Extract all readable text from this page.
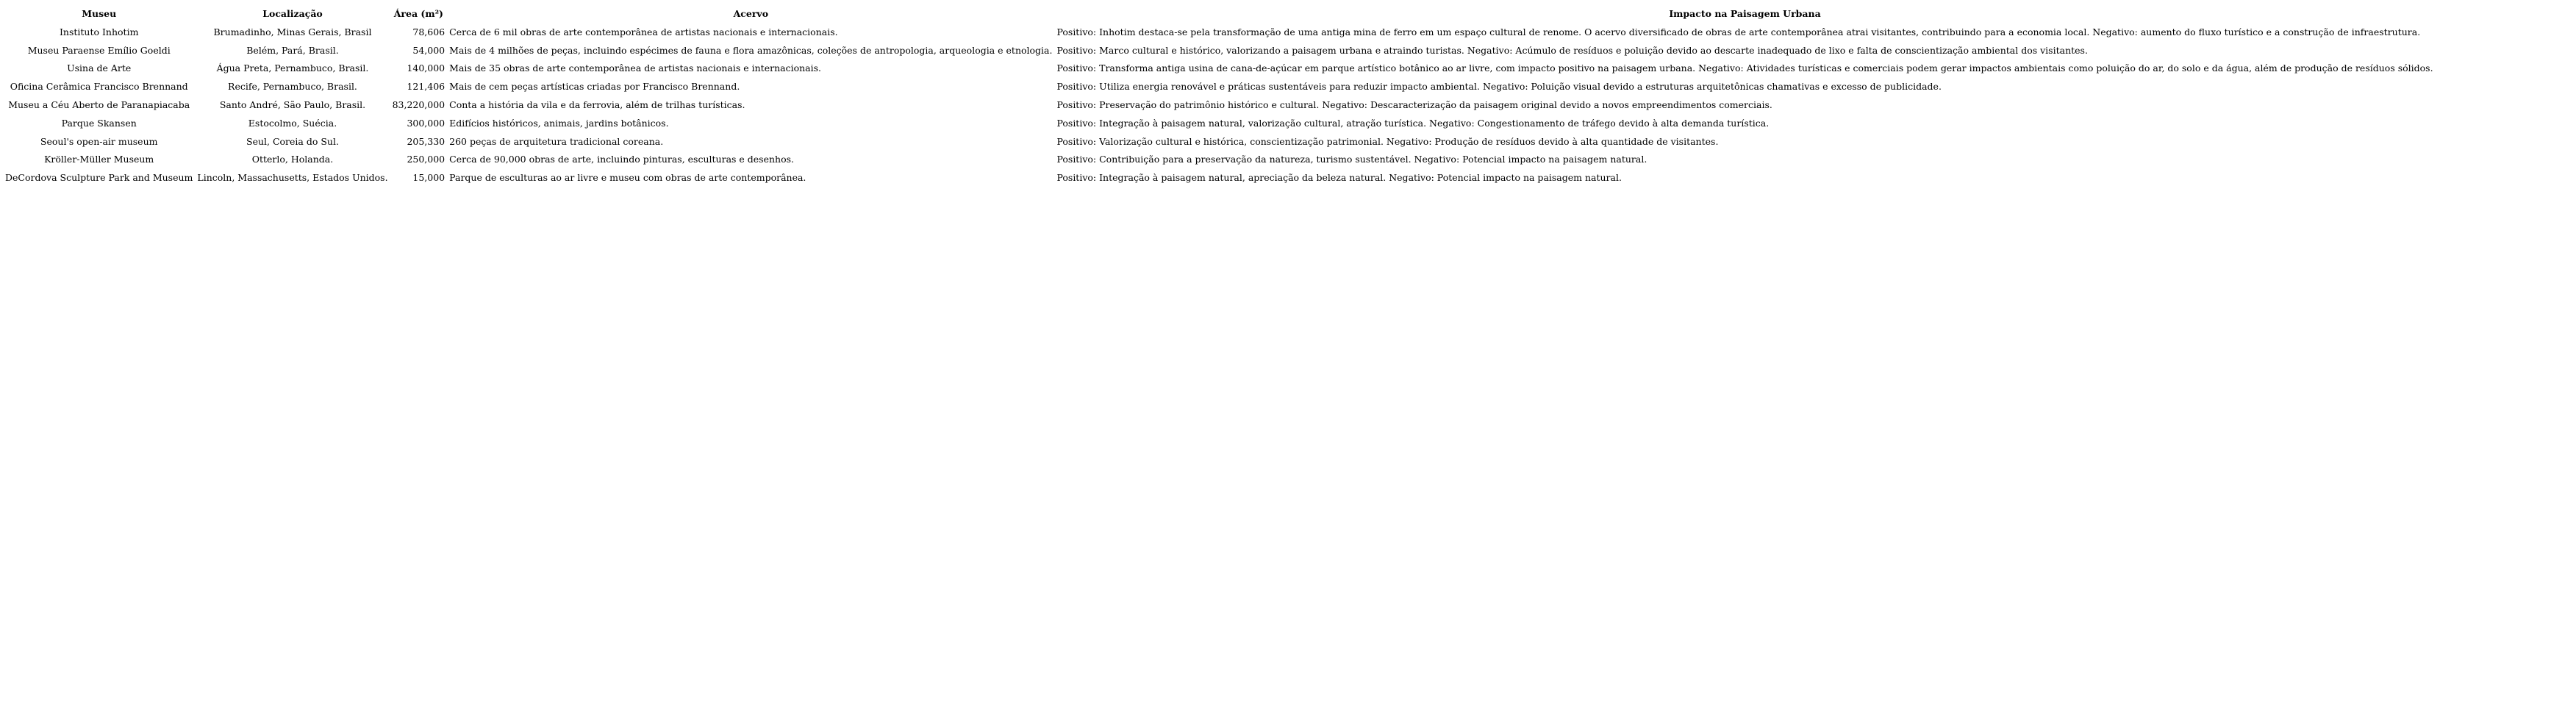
Museu	Localização	Área (m²)	Acervo	Impacto na Paisagem Urbana
Instituto Inhotim	Brumadinho, Minas Gerais, Brasil	78,606	Cerca de 6 mil obras de arte contemporânea de artistas nacionais e internacionais.	Positivo: Inhotim destaca-se pela transformação de uma antiga mina de ferro em um espaço cultural de renome. O acervo diversificado de obras de arte contemporânea atrai visitantes, contribuindo para a economia local. Negativo: aumento do fluxo turístico e a construção de infraestrutura.
Museu Paraense Emílio Goeldi	Belém, Pará, Brasil.	54,000	Mais de 4 milhões de peças, incluindo espécimes de fauna e flora amazônicas, coleções de antropologia, arqueologia e etnologia.	Positivo: Marco cultural e histórico, valorizando a paisagem urbana e atraindo turistas. Negativo: Acúmulo de resíduos e poluição devido ao descarte inadequado de lixo e falta de conscientização ambiental dos visitantes.
Usina de Arte	Água Preta, Pernambuco, Brasil.	140,000	Mais de 35 obras de arte contemporânea de artistas nacionais e internacionais.	Positivo: Transforma antiga usina de cana-de-açúcar em parque artístico botânico ao ar livre, com impacto positivo na paisagem urbana. Negativo: Atividades turísticas e comerciais podem gerar impactos ambientais como poluição do ar, do solo e da água, além de produção de resíduos sólidos.
Oficina Cerâmica Francisco Brennand	Recife, Pernambuco, Brasil.	121,406	Mais de cem peças artísticas criadas por Francisco Brennand.	Positivo: Utiliza energia renovável e práticas sustentáveis para reduzir impacto ambiental. Negativo: Poluição visual devido a estruturas arquitetônicas chamativas e excesso de publicidade.
Museu a Céu Aberto de Paranapiacaba	Santo André, São Paulo, Brasil.	83,220,000	Conta a história da vila e da ferrovia, além de trilhas turísticas.	Positivo: Preservação do patrimônio histórico e cultural. Negativo: Descaracterização da paisagem original devido a novos empreendimentos comerciais.
Parque Skansen	Estocolmo, Suécia.	300,000	Edifícios históricos, animais, jardins botânicos.	Positivo: Integração à paisagem natural, valorização cultural, atração turística. Negativo: Congestionamento de tráfego devido à alta demanda turística.
Seoul's open-air museum	Seul, Coreia do Sul.	205,330	260 peças de arquitetura tradicional coreana.	Positivo: Valorização cultural e histórica, conscientização patrimonial. Negativo: Produção de resíduos devido à alta quantidade de visitantes.
Kröller-Müller Museum	Otterlo, Holanda.	250,000	Cerca de 90,000 obras de arte, incluindo pinturas, esculturas e desenhos.	Positivo: Contribuição para a preservação da natureza, turismo sustentável. Negativo: Potencial impacto na paisagem natural.
DeCordova Sculpture Park and Museum	Lincoln, Massachusetts, Estados Unidos.	15,000	Parque de esculturas ao ar livre e museu com obras de arte contemporânea.	Positivo: Integração à paisagem natural, apreciação da beleza natural. Negativo: Potencial impacto na paisagem natural.
